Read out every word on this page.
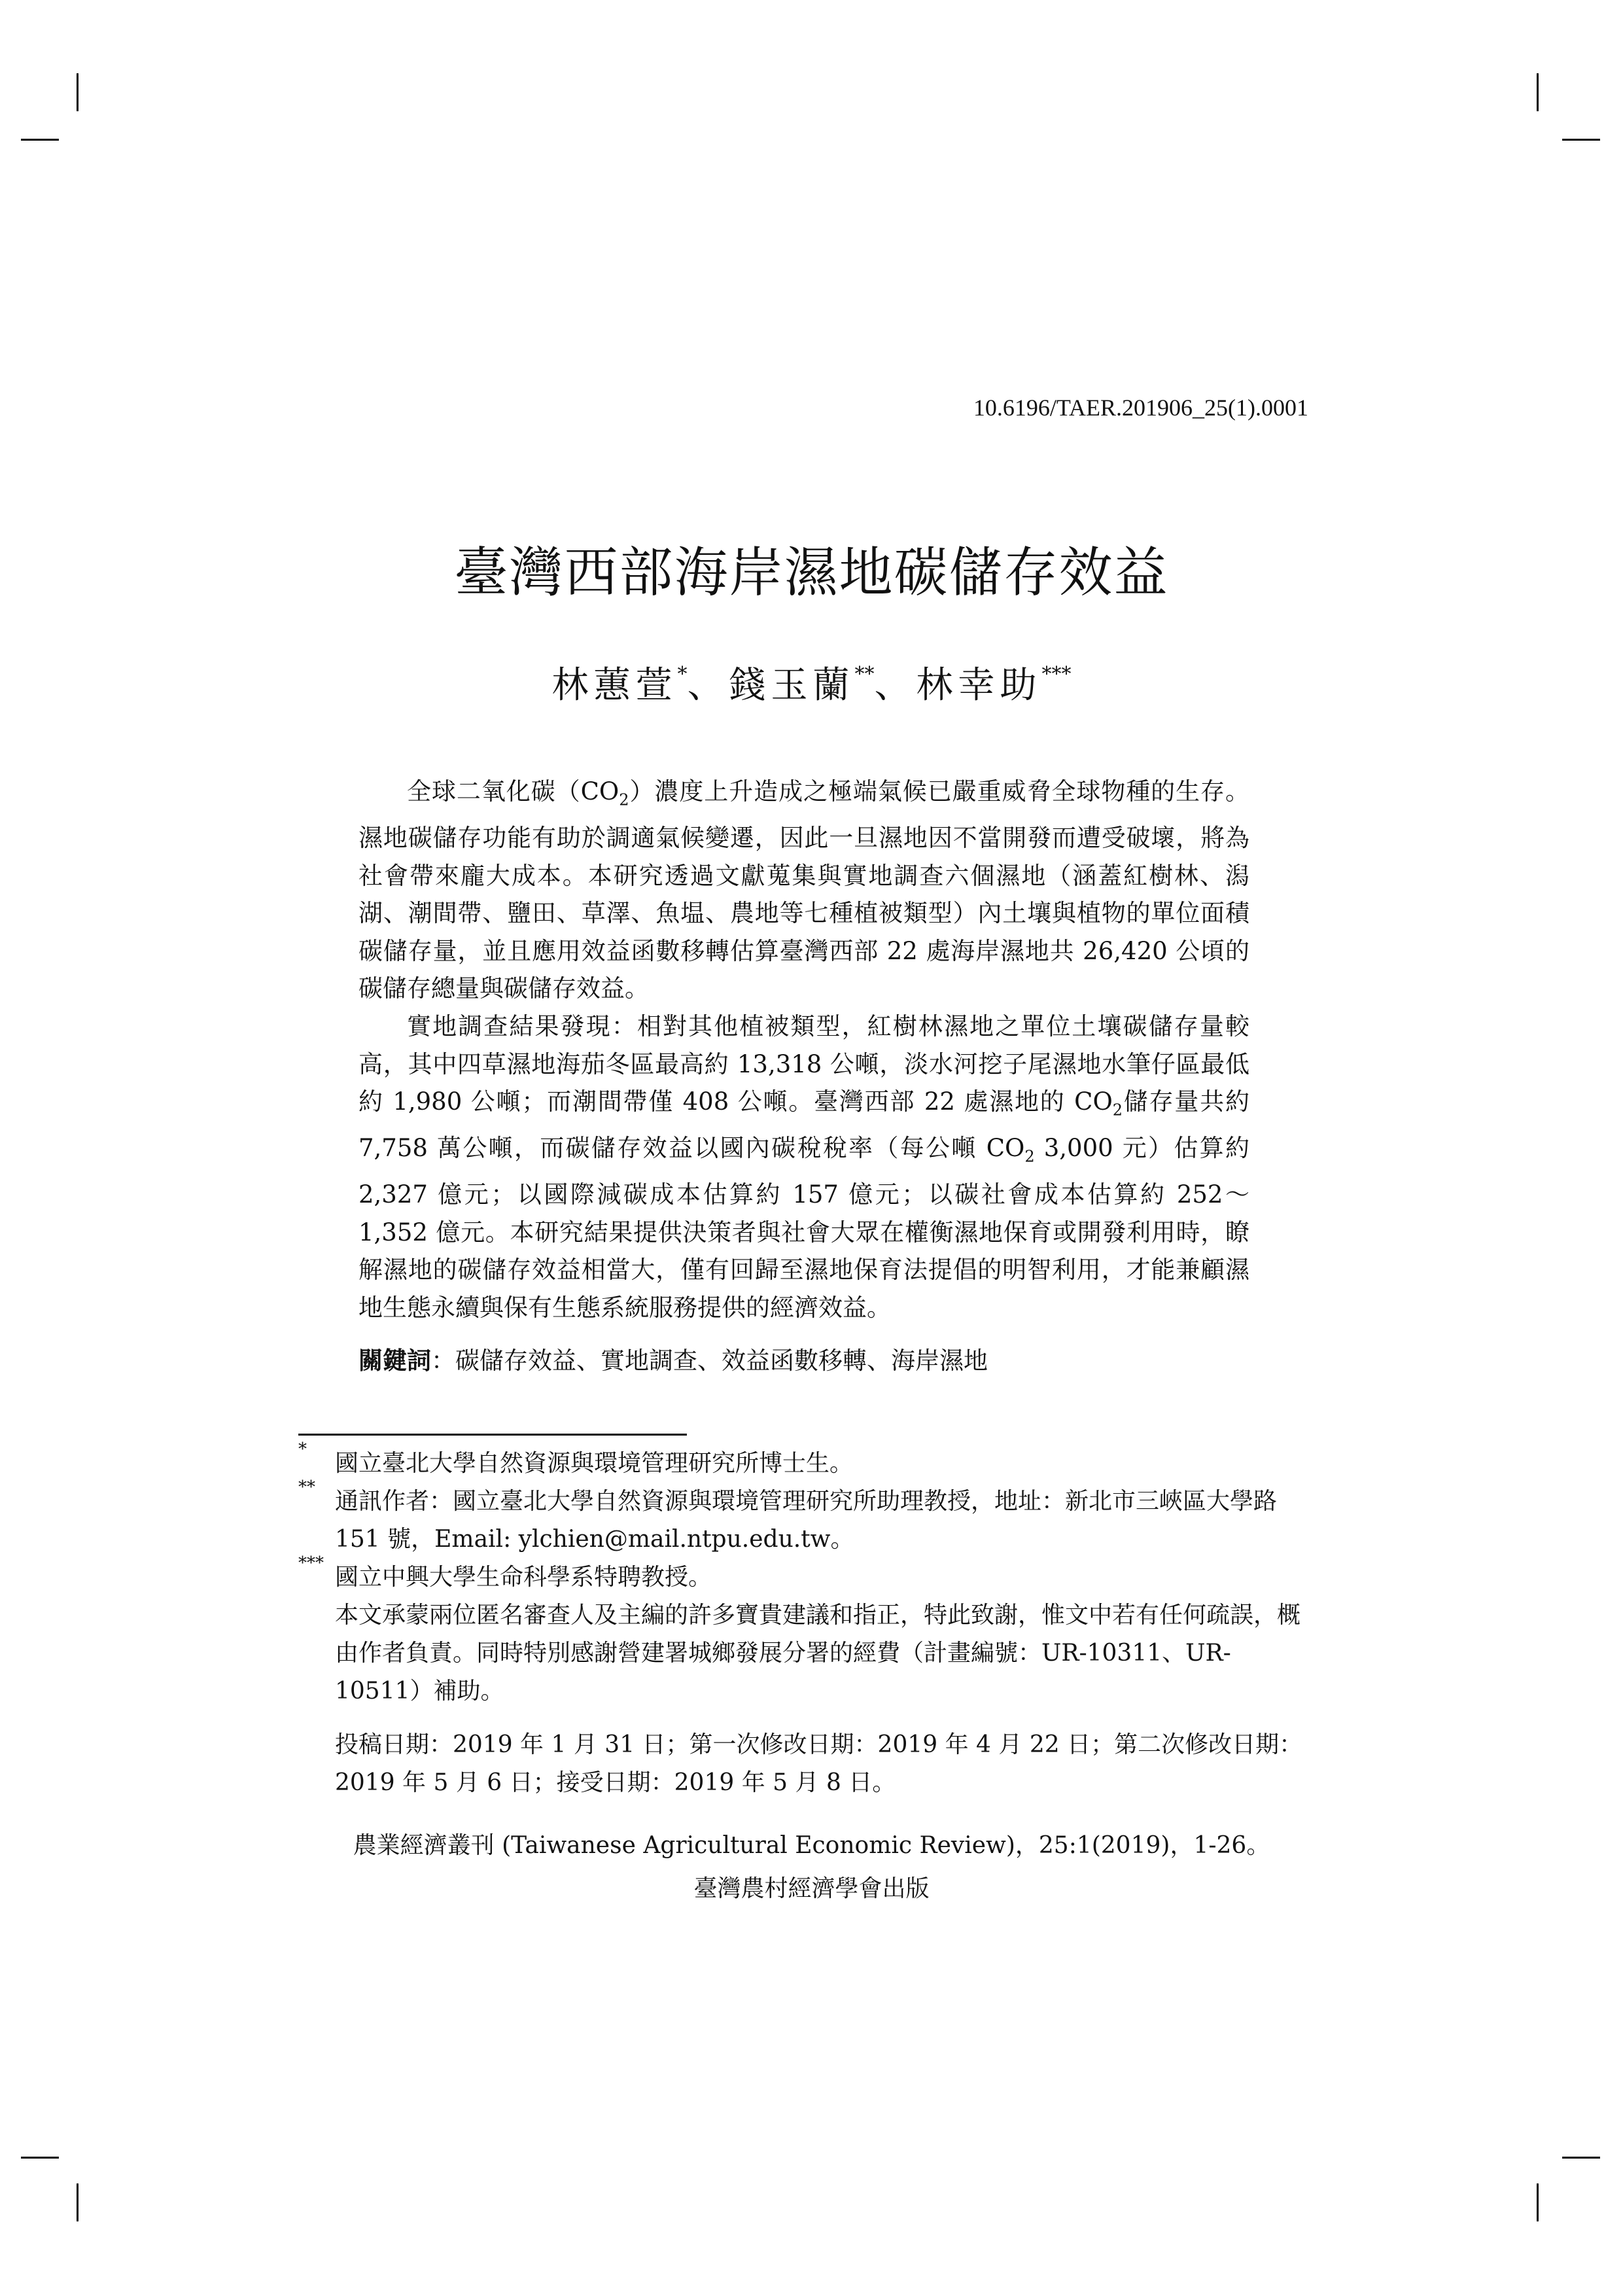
10.6196/TAER.201906_25(1).0001
臺灣西部海岸濕地碳儲存效益
林蕙萱*、錢玉蘭**、林幸助***

全球二氧化碳$(CO_2)$濃度上升造成之極端氣候已嚴重威脅全球物種的生存。濕地碳儲存功能有助於調適氣候變遷，因此一旦濕地因不當開發而遭受破壞，將為社會帶來龐大成本。本研究透過文獻蒐集與實地調查六個濕地（涵蓋紅樹林、潟湖、潮間帶、鹽田、草澤、魚塭、農地等七種植被類型）內土壤與植物的單位面積碳儲存量，並且應用效益函數移轉估算臺灣西部 22 處海岸濕地共 26,420 公頃的碳儲存總量與碳儲存效益。

實地調查結果發現：相對其他植被類型，紅樹林濕地之單位土壤碳儲存量較高，其中四草濕地海茄冬區最高約 13,318 公噸，淡水河挖子尾濕地水筆仔區最低約 1,980 公噸；而潮間帶僅 408 公噸。臺灣西部 22 處濕地的 $CO_2$儲存量共約 7,758 萬公噸，而碳儲存效益以國內碳稅稅率（每公噸 $CO_2$ 3,000 元）估算約 2,327 億元；以國際減碳成本估算約 157 億元；以碳社會成本估算約 252～1,352 億元。本研究結果提供決策者與社會大眾在權衡濕地保育或開發利用時，瞭解濕地的碳儲存效益相當大，僅有回歸至濕地保育法提倡的明智利用，才能兼顧濕地生態永續與保有生態系統服務提供的經濟效益。

關鍵詞：碳儲存效益、實地調查、效益函數移轉、海岸濕地

*
國立臺北大學自然資源與環境管理研究所博士生。

**
通訊作者：國立臺北大學自然資源與環境管理研究所助理教授，地址：新北市三峽區大學路 151 號，Email: ylchien@mail.ntpu.edu.tw。

***
國立中興大學生命科學系特聘教授。

本文承蒙兩位匿名審查人及主編的許多寶貴建議和指正，特此致謝，惟文中若有任何疏誤，概由作者負責。同時特別感謝營建署城鄉發展分署的經費（計畫編號：UR-10311、UR-10511）補助。

投稿日期：2019 年 1 月 31 日；第一次修改日期：2019 年 4 月 22 日；第二次修改日期：2019 年 5 月 6 日；接受日期：2019 年 5 月 8 日。

農業經濟叢刊 (Taiwanese Agricultural Economic Review)，25:1(2019)，1-26。
臺灣農村經濟學會出版
